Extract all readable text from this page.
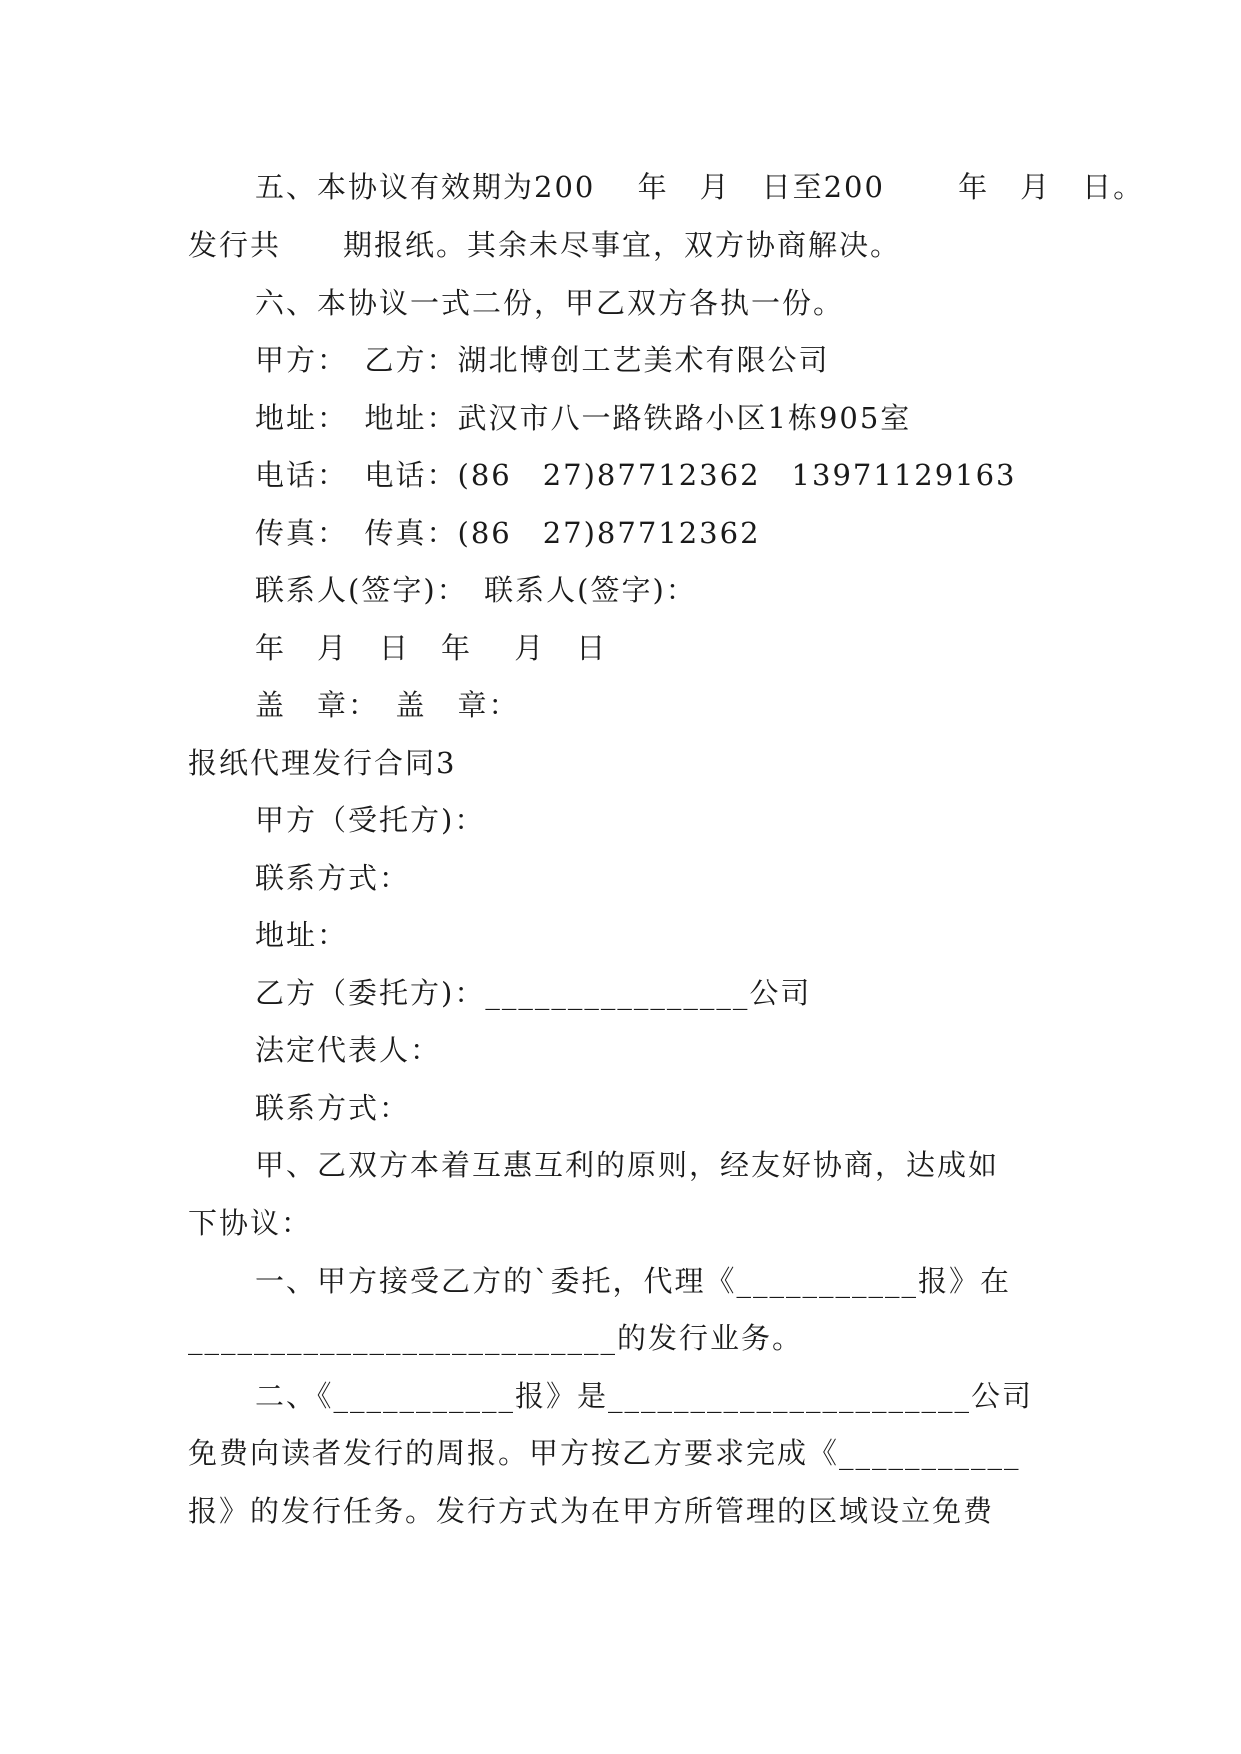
五、本协议有效期为200　 年　月　日至200　　 年　月　日。
发行共　　期报纸。其余未尽事宜，双方协商解决。
六、本协议一式二份，甲乙双方各执一份。
甲方：　乙方：湖北博创工艺美术有限公司
地址：　地址：武汉市八一路铁路小区1栋905室
电话：　电话：(86　27)87712362　13971129163
传真：　传真：(86　27)87712362
联系人(签字)：　联系人(签字)：
年　月　日　年　 月　日
盖　章：　盖　章：
报纸代理发行合同3
甲方（受托方)：
联系方式：
地址：
乙方（委托方)：________________公司
法定代表人：
联系方式：
甲、乙双方本着互惠互利的原则，经友好协商，达成如
下协议：
一、甲方接受乙方的`委托，代理《___________报》在
__________________________的发行业务。
二、《___________报》是______________________公司
免费向读者发行的周报。甲方按乙方要求完成《___________
报》的发行任务。发行方式为在甲方所管理的区域设立免费
